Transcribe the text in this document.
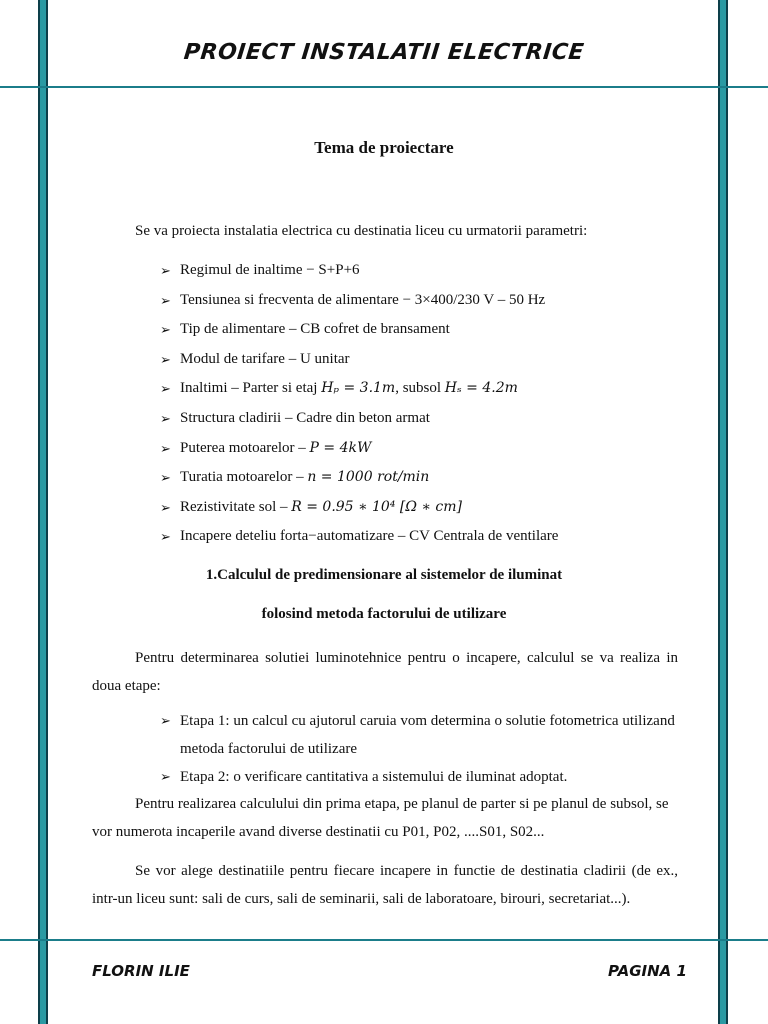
PROIECT INSTALATII ELECTRICE
Tema de proiectare
Se va proiecta instalatia electrica cu destinatia liceu cu urmatorii parametri:
➢ Regimul de inaltime − S+P+6
➢ Tensiunea si frecventa de alimentare − 3×400/230 V – 50 Hz
➢ Tip de alimentare – CB cofret de bransament
➢ Modul de tarifare – U unitar
➢ Inaltimi – Parter si etaj Hₚ = 3.1m, subsol Hₛ = 4.2m
➢ Structura cladirii – Cadre din beton armat
➢ Puterea motoarelor – P = 4kW
➢ Turatia motoarelor – n = 1000 rot/min
➢ Rezistivitate sol – R = 0.95 ∗ 10⁴ [Ω ∗ cm]
➢ Incapere deteliu forta−automatizare – CV Centrala de ventilare
1.Calculul de predimensionare al sistemelor de iluminat
folosind metoda factorului de utilizare
Pentru determinarea solutiei luminotehnice pentru o incapere, calculul se va realiza in doua etape:
➢ Etapa 1: un calcul cu ajutorul caruia vom determina o solutie fotometrica utilizand metoda factorului de utilizare
➢ Etapa 2: o verificare cantitativa a sistemului de iluminat adoptat.
Pentru realizarea calculului din prima etapa, pe planul de parter si pe planul de subsol, se vor numerota incaperile avand diverse destinatii cu P01, P02, ....S01, S02...
Se vor alege destinatiile pentru fiecare incapere in functie de destinatia cladirii (de ex., intr-un liceu sunt: sali de curs, sali de seminarii, sali de laboratoare, birouri, secretariat...).
FLORIN ILIE	PAGINA 1
